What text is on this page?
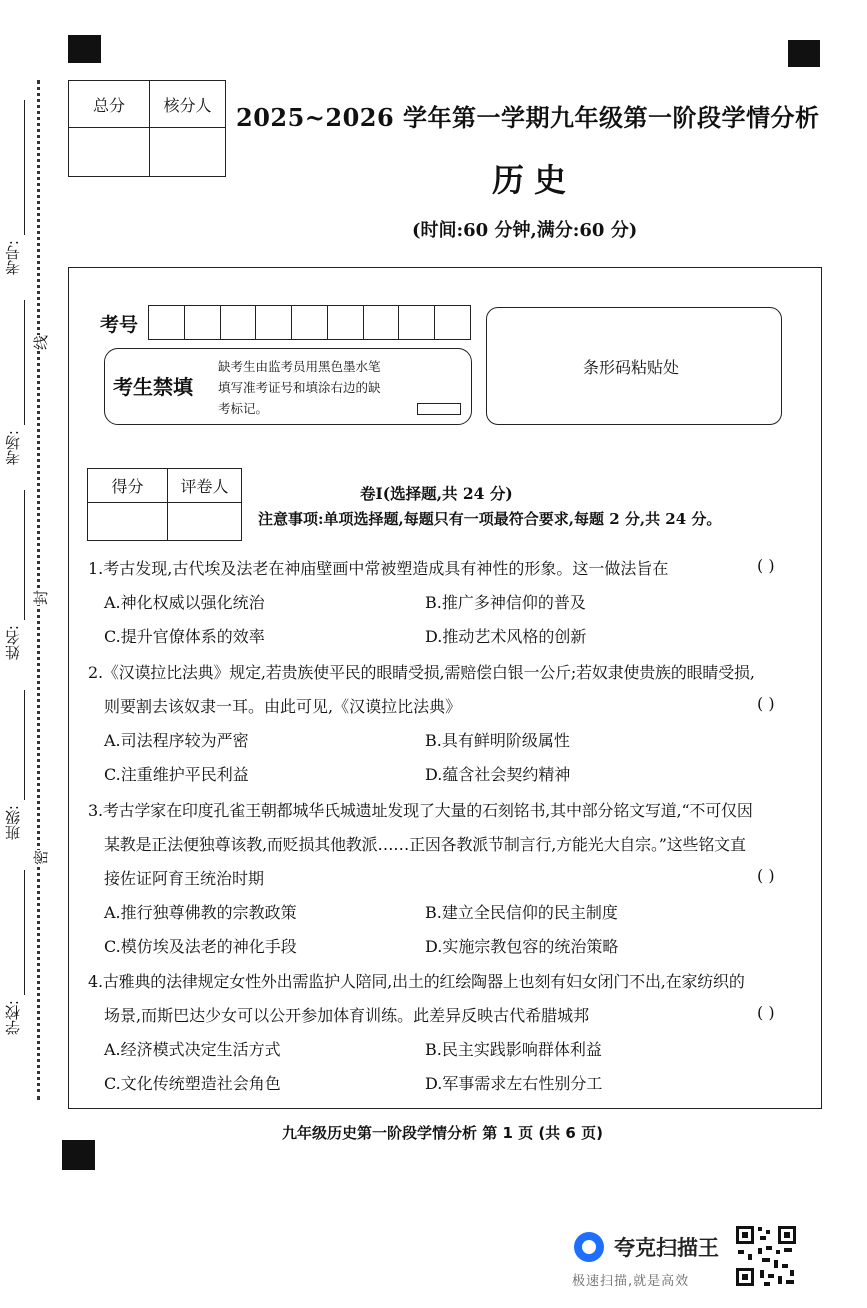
考号:
考场:
姓名:
班级:
学校:
线
封
密
总分	核分人
	2025~2026 学年第一学期九年级第一阶段学情分析
历史
(时间:60 分钟,满分:60 分)
考号
考生禁填
缺考生由监考员用黑色墨水笔
填写准考证号和填涂右边的缺
考标记。
条形码粘贴处
得分	评卷人
		卷Ⅰ(选择题,共 24 分)
注意事项:单项选择题,每题只有一项最符合要求,每题 2 分,共 24 分。
1.考古发现,古代埃及法老在神庙壁画中常被塑造成具有神性的形象。这一做法旨在	( )
A.神化权威以强化统治	B.推广多神信仰的普及
C.提升官僚体系的效率	D.推动艺术风格的创新
2.《汉谟拉比法典》规定,若贵族使平民的眼睛受损,需赔偿白银一公斤;若奴隶使贵族的眼睛受损,
则要割去该奴隶一耳。由此可见,《汉谟拉比法典》	( )
A.司法程序较为严密	B.具有鲜明阶级属性
C.注重维护平民利益	D.蕴含社会契约精神
3.考古学家在印度孔雀王朝都城华氏城遗址发现了大量的石刻铭书,其中部分铭文写道,“不可仅因
某教是正法便独尊该教,而贬损其他教派……正因各教派节制言行,方能光大自宗。”这些铭文直
接佐证阿育王统治时期	( )
A.推行独尊佛教的宗教政策	B.建立全民信仰的民主制度
C.模仿埃及法老的神化手段	D.实施宗教包容的统治策略
4.古雅典的法律规定女性外出需监护人陪同,出土的红绘陶器上也刻有妇女闭门不出,在家纺织的
场景,而斯巴达少女可以公开参加体育训练。此差异反映古代希腊城邦	( )
A.经济模式决定生活方式	B.民主实践影响群体利益
C.文化传统塑造社会角色	D.军事需求左右性别分工
九年级历史第一阶段学情分析 第 1 页 (共 6 页)
夸克扫描王
极速扫描,就是高效
